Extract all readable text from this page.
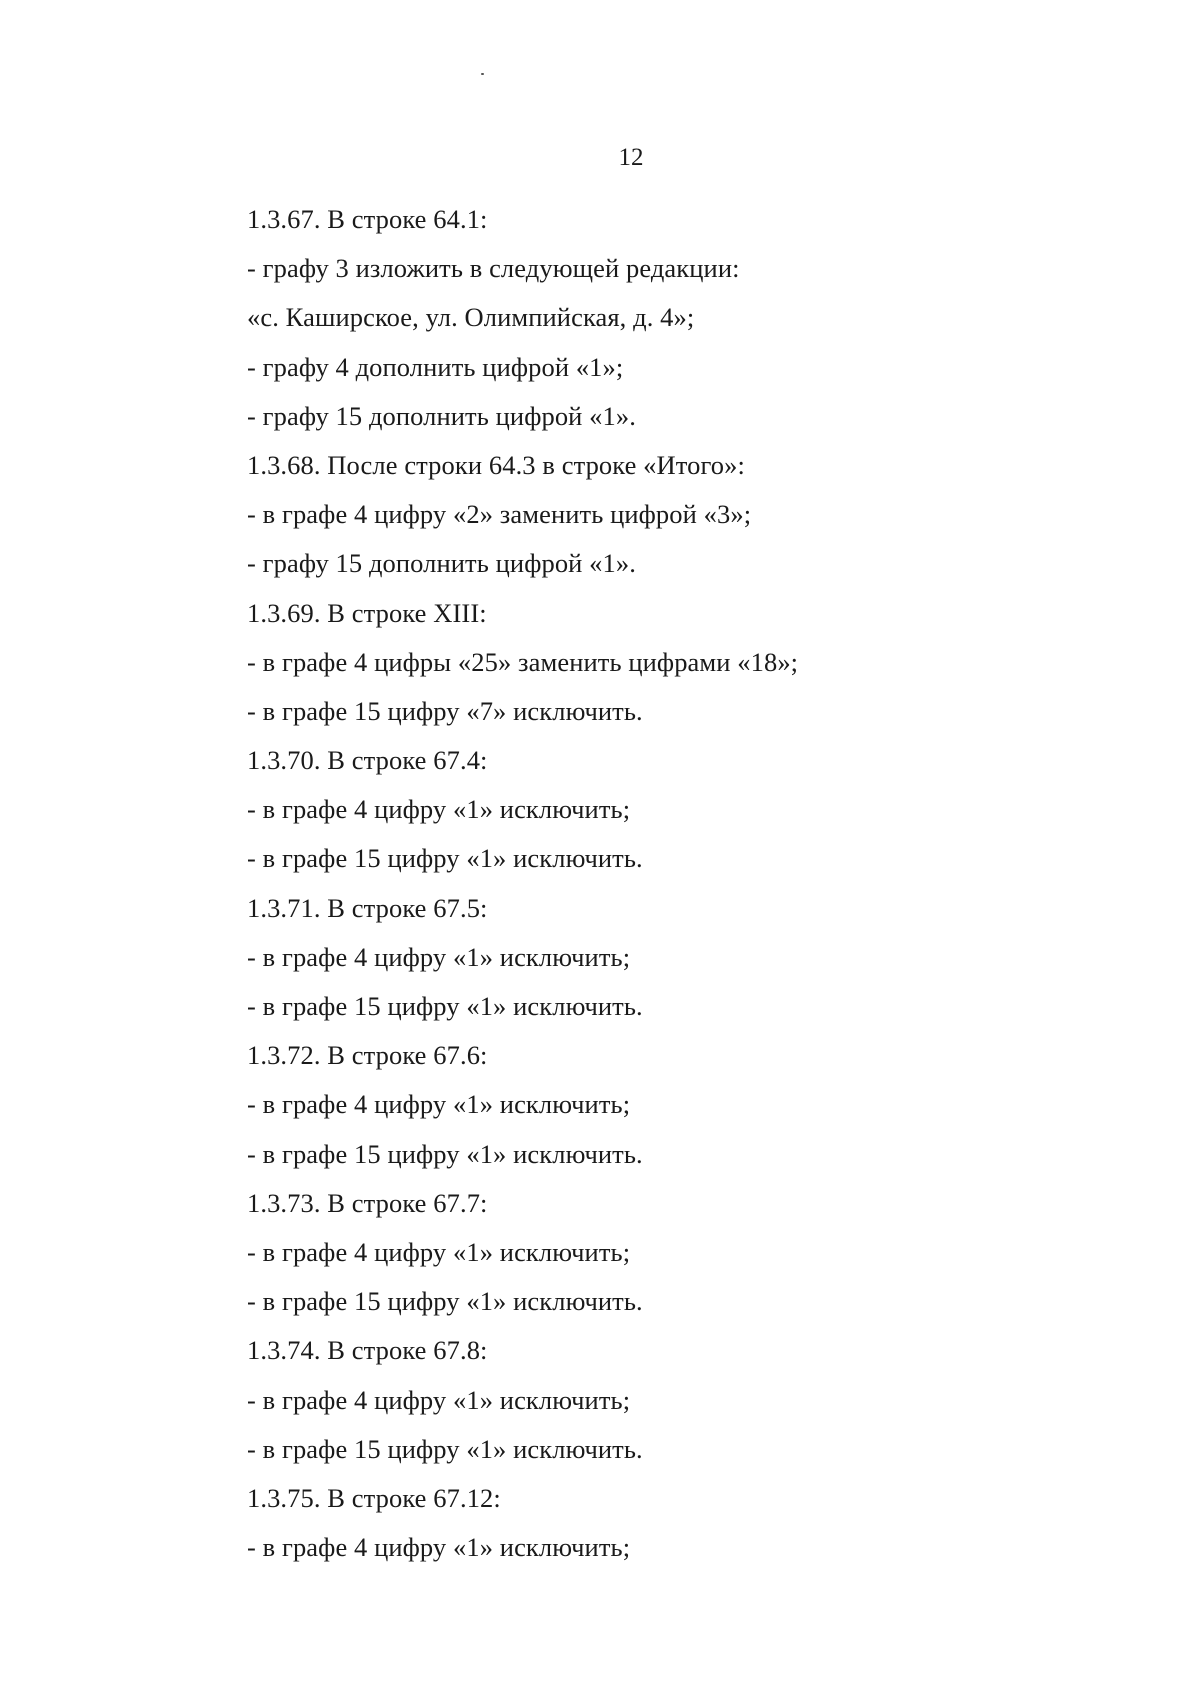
12
1.3.67. В строке 64.1:
- графу 3 изложить в следующей редакции:
«с. Каширское, ул. Олимпийская, д. 4»;
- графу 4 дополнить цифрой «1»;
- графу 15 дополнить цифрой «1».
1.3.68. После строки 64.3 в строке «Итого»:
- в графе 4 цифру «2» заменить цифрой «3»;
- графу 15 дополнить цифрой «1».
1.3.69. В строке XIII:
- в графе 4 цифры «25» заменить цифрами «18»;
- в графе 15 цифру «7» исключить.
1.3.70. В строке 67.4:
- в графе 4 цифру «1» исключить;
- в графе 15 цифру «1» исключить.
1.3.71. В строке 67.5:
- в графе 4 цифру «1» исключить;
- в графе 15 цифру «1» исключить.
1.3.72. В строке 67.6:
- в графе 4 цифру «1» исключить;
- в графе 15 цифру «1» исключить.
1.3.73. В строке 67.7:
- в графе 4 цифру «1» исключить;
- в графе 15 цифру «1» исключить.
1.3.74. В строке 67.8:
- в графе 4 цифру «1» исключить;
- в графе 15 цифру «1» исключить.
1.3.75. В строке 67.12:
- в графе 4 цифру «1» исключить;
